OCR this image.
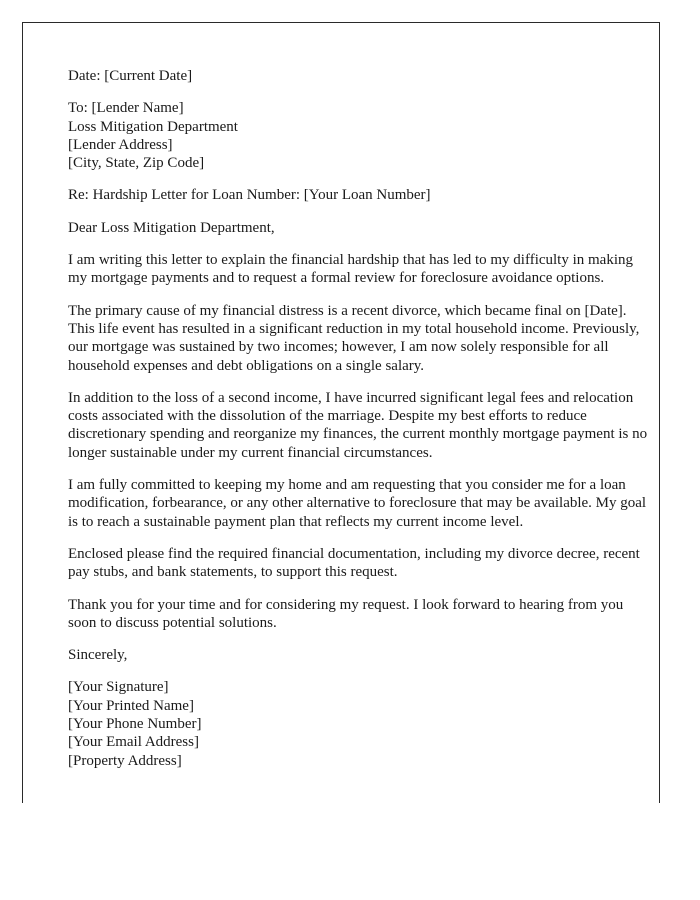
Date: [Current Date]
To: [Lender Name]
Loss Mitigation Department
[Lender Address]
[City, State, Zip Code]
Re: Hardship Letter for Loan Number: [Your Loan Number]
Dear Loss Mitigation Department,

I am writing this letter to explain the financial hardship that has led to my difficulty in making my mortgage payments and to request a formal review for foreclosure avoidance options.

The primary cause of my financial distress is a recent divorce, which became final on [Date]. This life event has resulted in a significant reduction in my total household income. Previously, our mortgage was sustained by two incomes; however, I am now solely responsible for all household expenses and debt obligations on a single salary.

In addition to the loss of a second income, I have incurred significant legal fees and relocation costs associated with the dissolution of the marriage. Despite my best efforts to reduce discretionary spending and reorganize my finances, the current monthly mortgage payment is no longer sustainable under my current financial circumstances.

I am fully committed to keeping my home and am requesting that you consider me for a loan modification, forbearance, or any other alternative to foreclosure that may be available. My goal is to reach a sustainable payment plan that reflects my current income level.

Enclosed please find the required financial documentation, including my divorce decree, recent pay stubs, and bank statements, to support this request.

Thank you for your time and for considering my request. I look forward to hearing from you soon to discuss potential solutions.

Sincerely,
[Your Signature]
[Your Printed Name]
[Your Phone Number]
[Your Email Address]
[Property Address]
